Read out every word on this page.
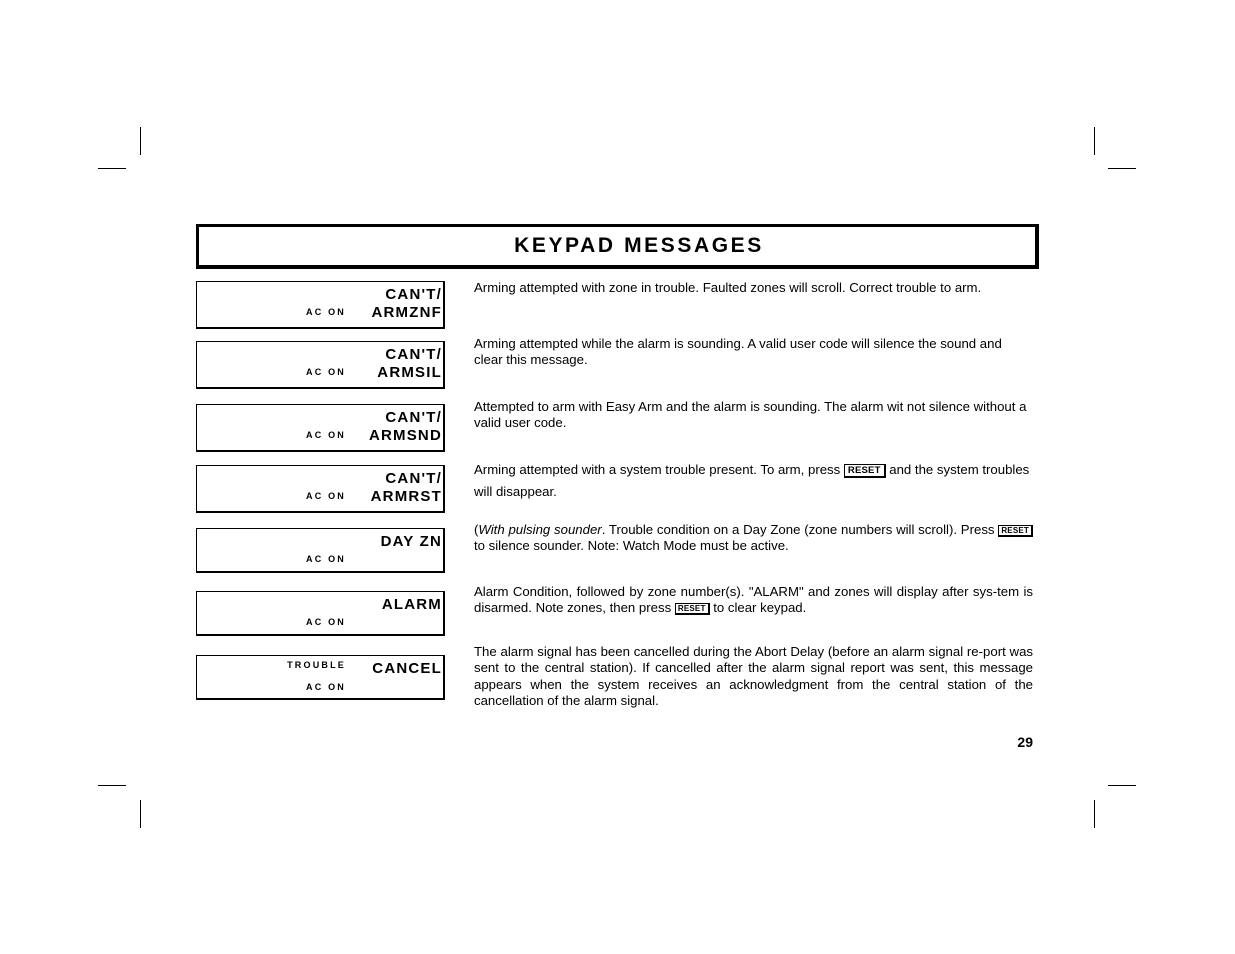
KEYPAD MESSAGES
CAN'T/
AC ON ARMZNF
Arming attempted with zone in trouble. Faulted zones will scroll. Correct trouble to arm.
CAN'T/
AC ON ARMSIL
Arming attempted while the alarm is sounding. A valid user code will silence the sound and clear this message.
CAN'T/
AC ON ARMSND
Attempted to arm with Easy Arm and the alarm is sounding. The alarm wit not silence without a valid user code.
CAN'T/
AC ON ARMRST
Arming attempted with a system trouble present. To arm, press RESET and the system troubles will disappear.
DAY ZN
AC ON
(With pulsing sounder. Trouble condition on a Day Zone (zone numbers will scroll). Press RESET to silence sounder. Note: Watch Mode must be active.
ALARM
AC ON
Alarm Condition, followed by zone number(s). "ALARM" and zones will display after sys-tem is disarmed. Note zones, then press RESET to clear keypad.
TROUBLE CANCEL
AC ON
The alarm signal has been cancelled during the Abort Delay (before an alarm signal re-port was sent to the central station). If cancelled after the alarm signal report was sent, this message appears when the system receives an acknowledgment from the central station of the cancellation of the alarm signal.
29
